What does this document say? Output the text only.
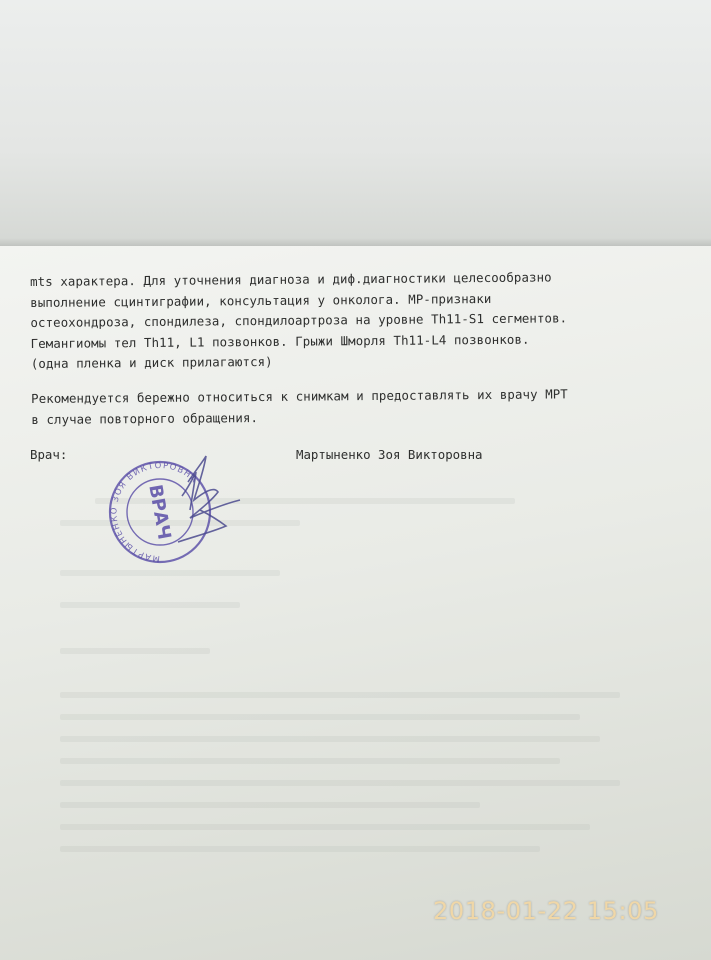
mts характера. Для уточнения диагноза и диф.диагностики целесообразно
выполнение сцинтиграфии, консультация у онколога. МР-признаки
остеохондроза, спондилеза, спондилоартроза на уровне Th11-S1 сегментов.
Гемангиомы тел Th11, L1 позвонков. Грыжи Шморля Th11-L4 позвонков.
(одна пленка и диск прилагаются)
Рекомендуется бережно относиться к снимкам и предоставлять их врачу МРТ
в случае повторного обращения.
Врач:	Мартыненко Зоя Викторовна
МАРТЫНЕНКО ЗОЯ ВИКТОРОВНА
ВРАЧ
2018-01-22 15:05
